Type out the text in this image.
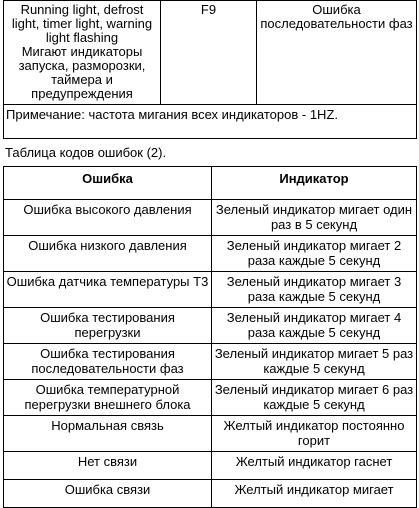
Running light, defrost light, timer light, warning light flashing
Мигают индикаторы запуска, разморозки, таймера и предупреждения
	F9	Ошибка последовательности фаз
Примечание: частота мигания всех индикаторов - 1HZ.
Таблица кодов ошибок (2).
Ошибка	Индикатор
Ошибка высокого давления	Зеленый индикатор мигает один раз в 5 секунд
Ошибка низкого давления	Зеленый индикатор мигает 2 раза каждые 5 секунд
Ошибка датчика температуры T3	Зеленый индикатор мигает 3 раза каждые 5 секунд
Ошибка тестирования перегрузки	Зеленый индикатор мигает 4 раза каждые 5 секунд
Ошибка тестирования последовательности фаз	Зеленый индикатор мигает 5 раз каждые 5 секунд
Ошибка температурной перегрузки внешнего блока	Зеленый индикатор мигает 6 раз каждые 5 секунд
Нормальная связь	Желтый индикатор постоянно горит
Нет связи	Желтый индикатор гаснет
Ошибка связи	Желтый индикатор мигает
